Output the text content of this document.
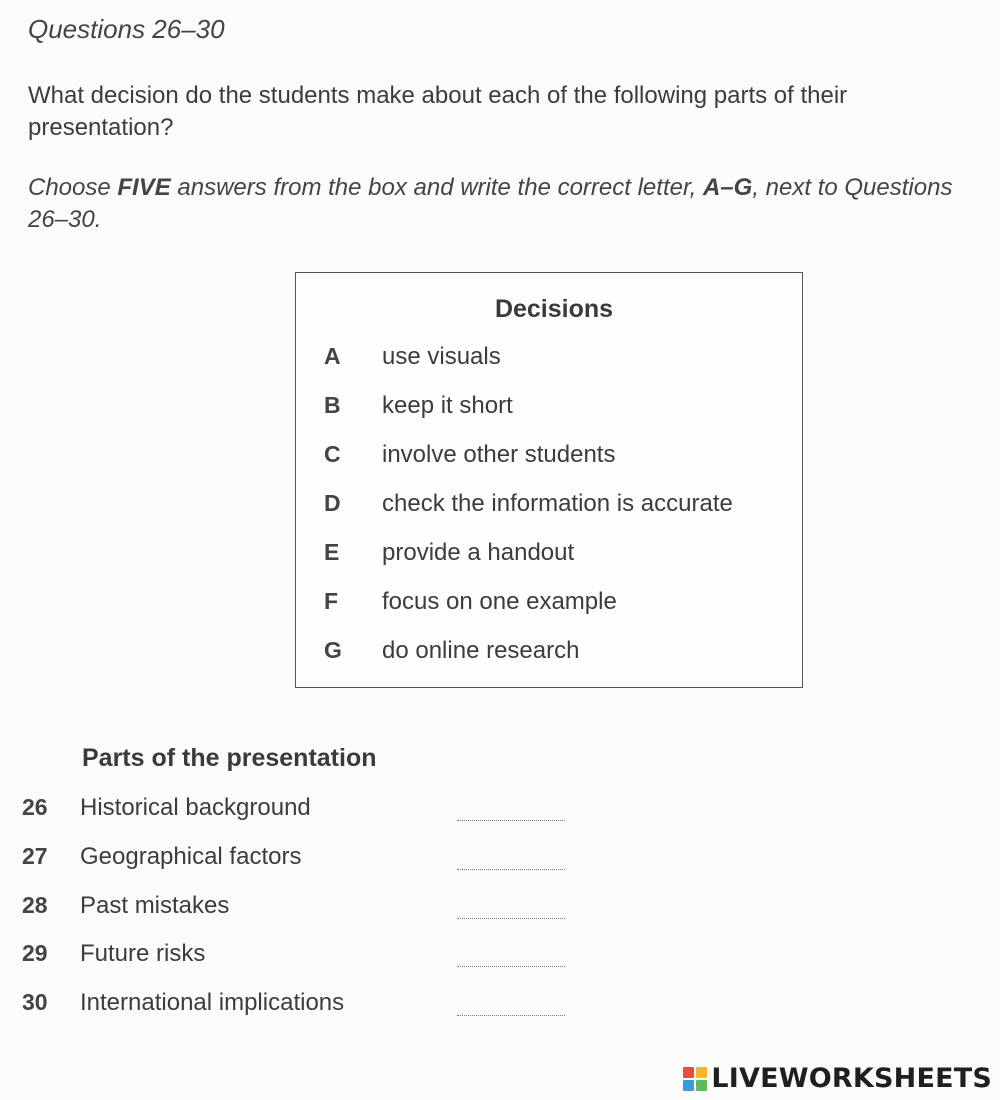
Questions 26–30
What decision do the students make about each of the following parts of their presentation?
Choose FIVE answers from the box and write the correct letter, A–G, next to Questions 26–30.
Decisions
A use visuals
B keep it short
C involve other students
D check the information is accurate
E provide a handout
F focus on one example
G do online research
Parts of the presentation
26 Historical background
27 Geographical factors
28 Past mistakes
29 Future risks
30 International implications
LIVEWORKSHEETS
